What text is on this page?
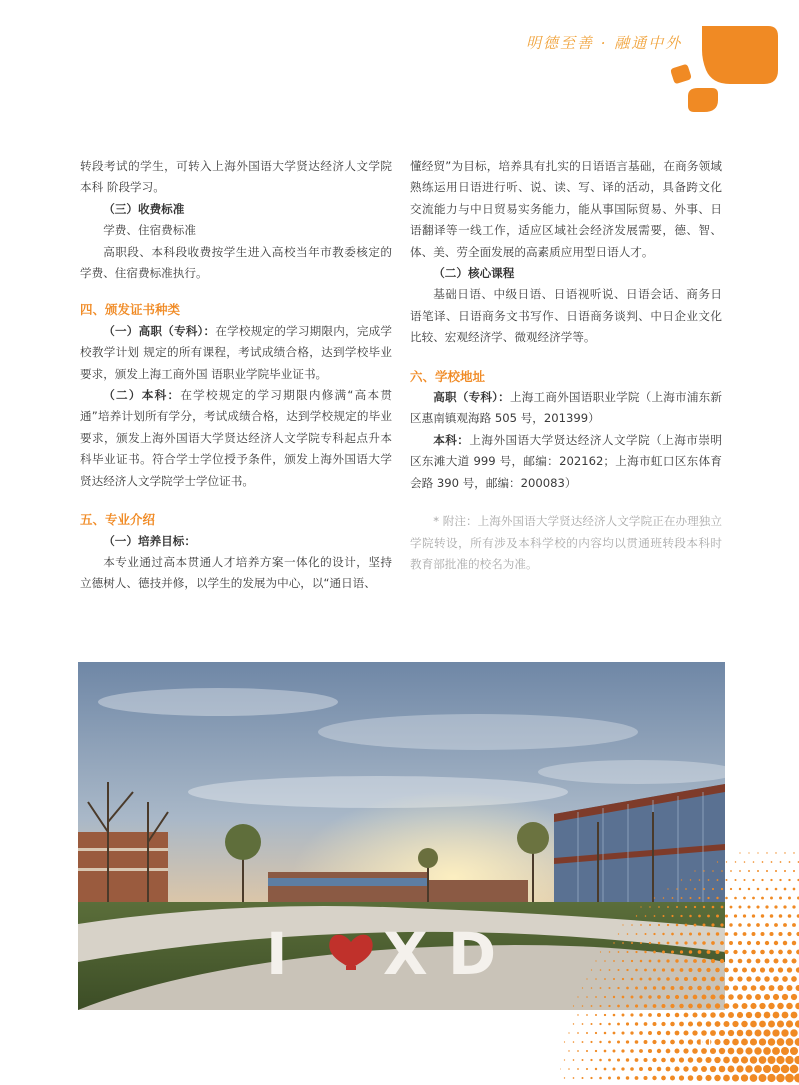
明德至善 · 融通中外

转段考试的学生，可转入上海外国语大学贤达经济人文学院本科 阶段学习。

（三）收费标准

学费、住宿费标准

高职段、本科段收费按学生进入高校当年市教委核定的学费、住宿费标准执行。

四、颁发证书种类

（一）高职（专科）：在学校规定的学习期限内，完成学校教学计划 规定的所有课程，考试成绩合格，达到学校毕业要求，颁发上海工商外国 语职业学院毕业证书。

（二）本科：在学校规定的学习期限内修满“高本贯通”培养计划所有学分，考试成绩合格，达到学校规定的毕业要求，颁发上海外国语大学贤达经济人文学院专科起点升本科毕业证书。符合学士学位授予条件，颁发上海外国语大学贤达经济人文学院学士学位证书。

五、专业介绍

（一）培养目标：

本专业通过高本贯通人才培养方案一体化的设计，坚持立德树人、德技并修，以学生的发展为中心，以“通日语、

懂经贸”为目标，培养具有扎实的日语语言基础，在商务领域熟练运用日语进行听、说、读、写、译的活动，具备跨文化交流能力与中日贸易实务能力，能从事国际贸易、外事、日语翻译等一线工作，适应区域社会经济发展需要，德、智、体、美、劳全面发展的高素质应用型日语人才。

（二）核心课程

基础日语、中级日语、日语视听说、日语会话、商务日语笔译、日语商务文书写作、日语商务谈判、中日企业文化比较、宏观经济学、微观经济学等。

六、学校地址

高职（专科）：上海工商外国语职业学院（上海市浦东新区惠南镇观海路 505 号，201399）

本科：上海外国语大学贤达经济人文学院（上海市崇明区东滩大道 999 号，邮编：202162；上海市虹口区东体育会路 390 号，邮编：200083）

* 附注：上海外国语大学贤达经济人文学院正在办理独立学院转设，所有涉及本科学校的内容均以贯通班转段本科时教育部批准的校名为准。

I X D
11
